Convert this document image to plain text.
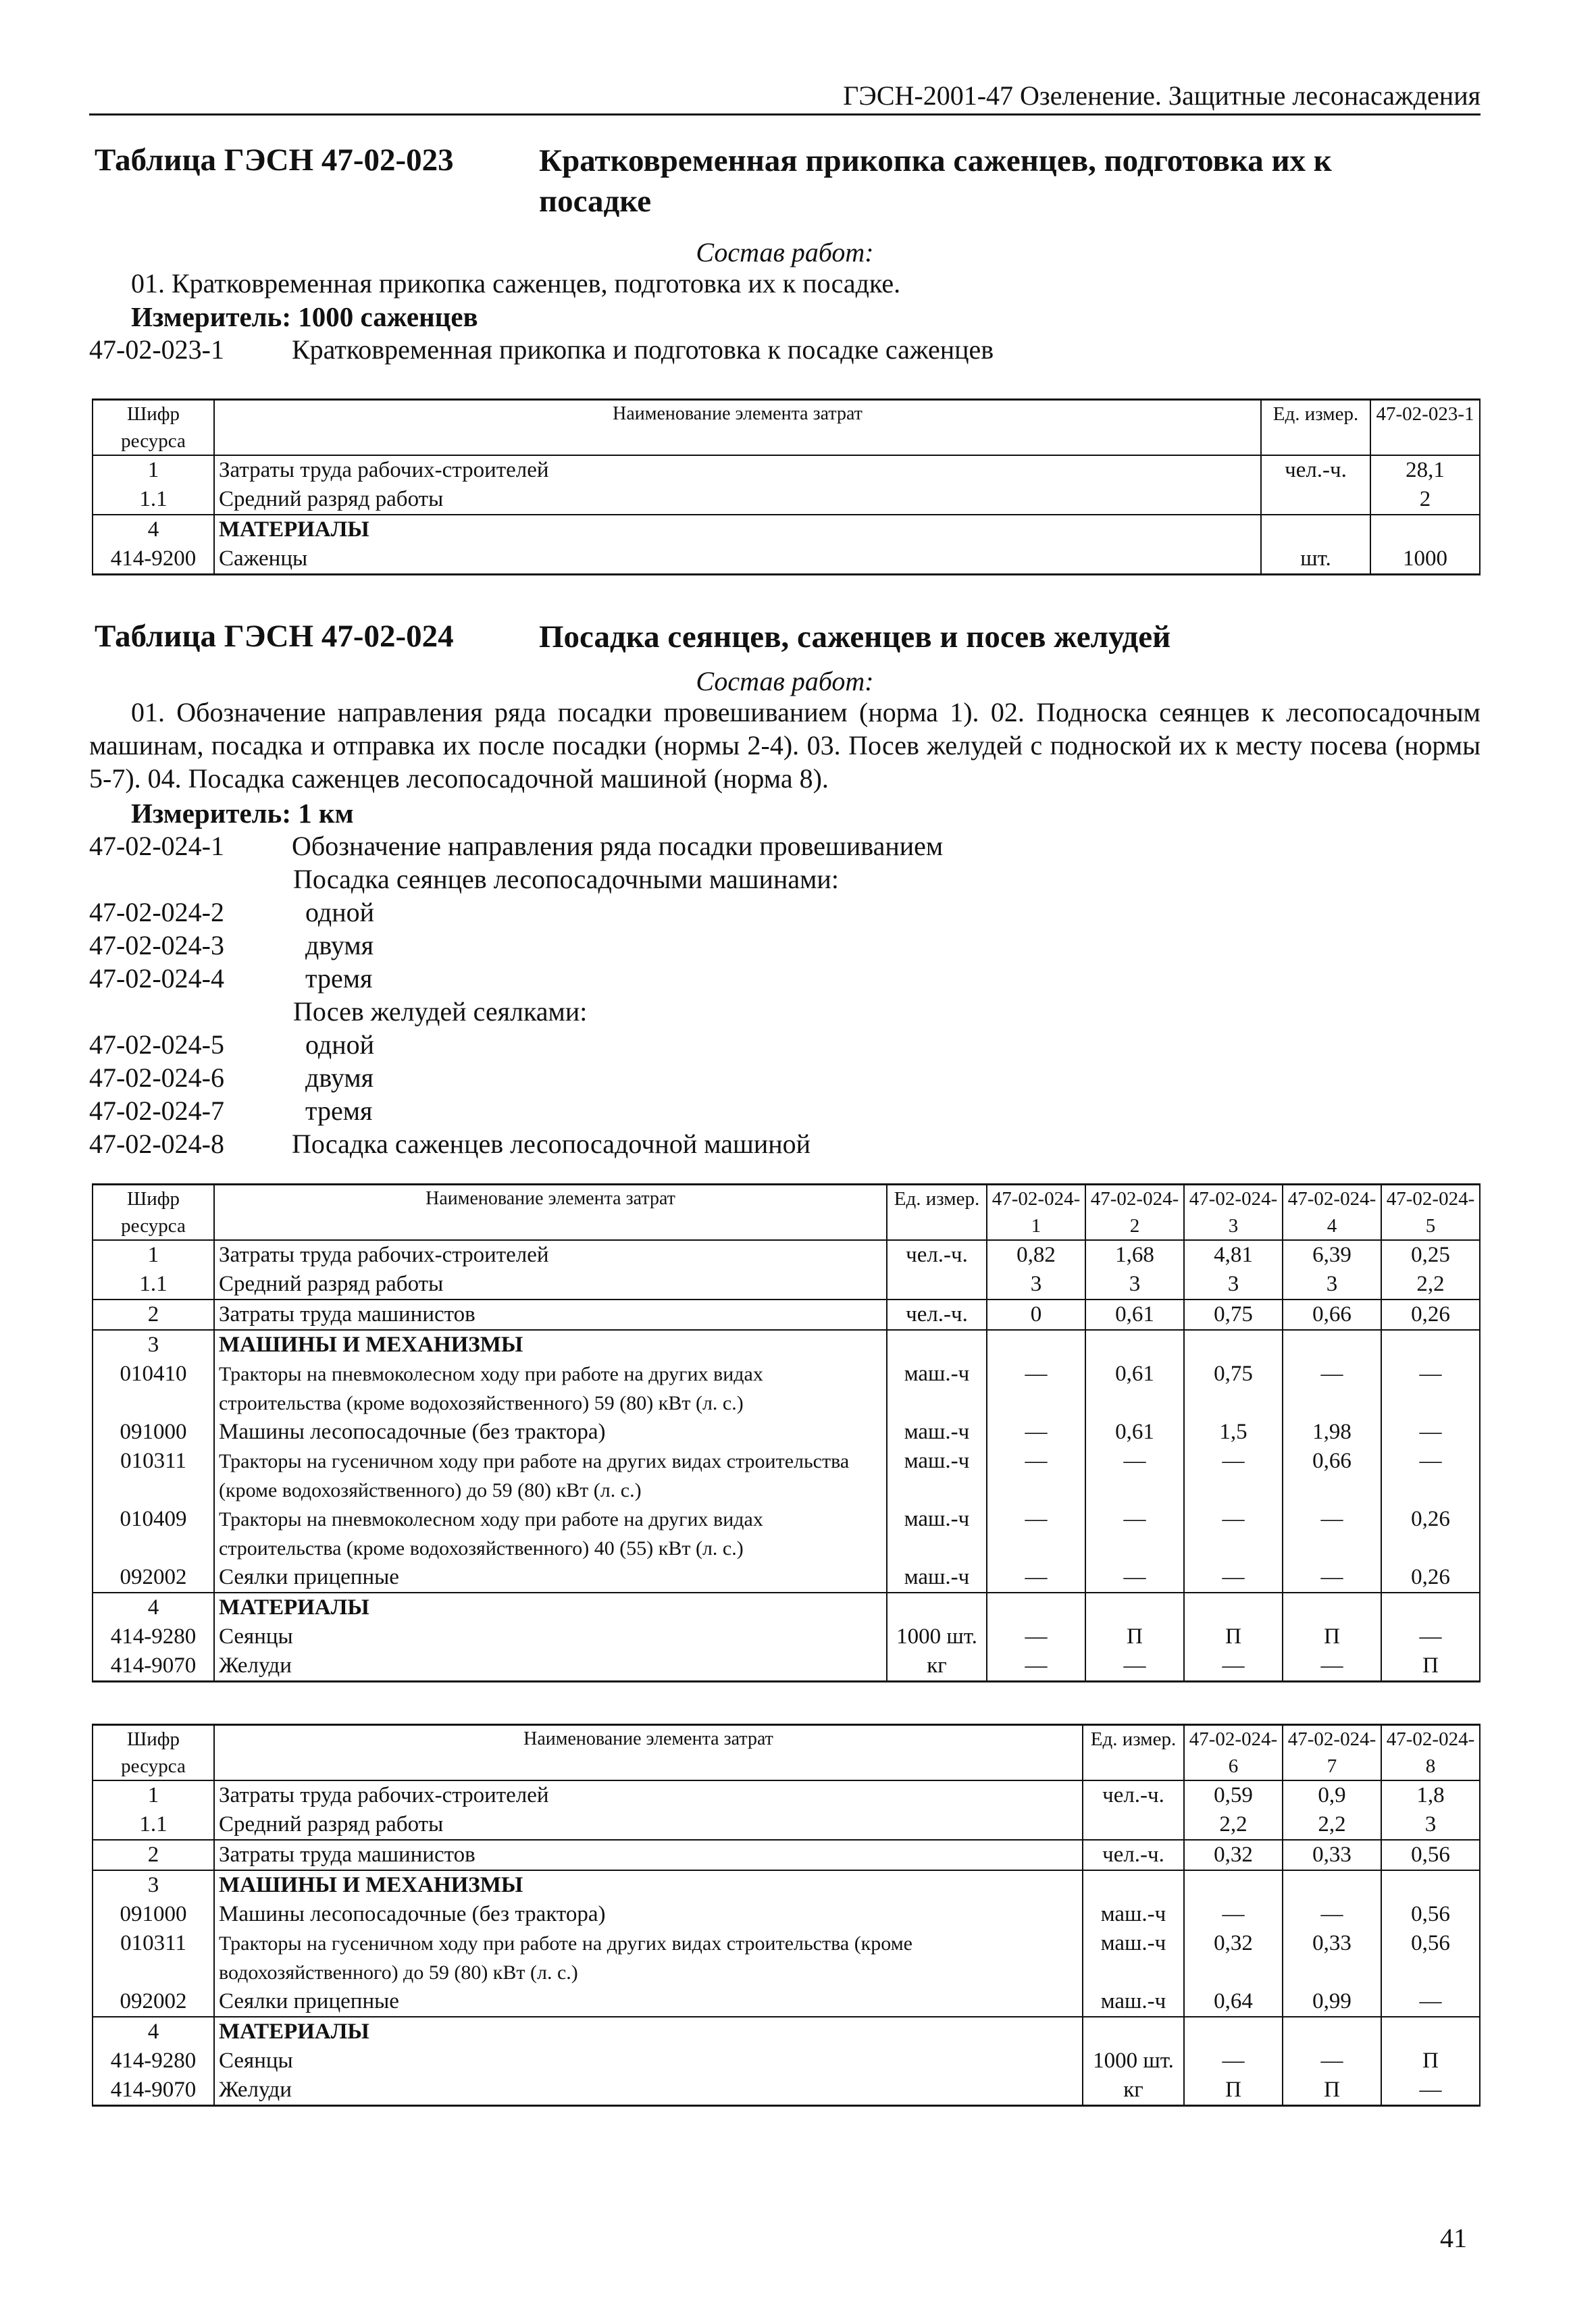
ГЭСН-2001-47 Озеленение. Защитные лесонасаждения
Таблица ГЭСН 47-02-023	Кратковременная прикопка саженцев, подготовка их к посадке
Состав работ:
01. Кратковременная прикопка саженцев, подготовка их к посадке.
Измеритель: 1000 саженцев
47-02-023-1	Кратковременная прикопка и подготовка к посадке саженцев
Шифр ресурса	Наименование элемента затрат	Ед. измер.	47-02-023-1
1	Затраты труда рабочих-строителей	чел.-ч.	28,1
1.1	Средний разряд работы		2
4	МАТЕРИАЛЫ		
414-9200	Саженцы	шт.	1000
Таблица ГЭСН 47-02-024	Посадка сеянцев, саженцев и посев желудей
Состав работ:
01. Обозначение направления ряда посадки провешиванием (норма 1). 02. Подноска сеянцев к лесопосадочным машинам, посадка и отправка их после посадки (нормы 2-4). 03. Посев желудей с подноской их к месту посева (нормы 5-7). 04. Посадка саженцев лесопосадочной машиной (норма 8).
Измеритель: 1 км
47-02-024-1	Обозначение направления ряда посадки провешиванием
Посадка сеянцев лесопосадочными машинами:
47-02-024-2	одной
47-02-024-3	двумя
47-02-024-4	тремя
Посев желудей сеялками:
47-02-024-5	одной
47-02-024-6	двумя
47-02-024-7	тремя
47-02-024-8	Посадка саженцев лесопосадочной машиной
Шифр ресурса	Наименование элемента затрат	Ед. измер.	47-02-024-1	47-02-024-2	47-02-024-3	47-02-024-4	47-02-024-5
1	Затраты труда рабочих-строителей	чел.-ч.	0,82	1,68	4,81	6,39	0,25
1.1	Средний разряд работы		3	3	3	3	2,2
2	Затраты труда машинистов	чел.-ч.	0	0,61	0,75	0,66	0,26
3	МАШИНЫ И МЕХАНИЗМЫ						
010410	Тракторы на пневмоколесном ходу при работе на других видах строительства (кроме водохозяйственного) 59 (80) кВт (л. с.)	маш.-ч	—	0,61	0,75	—	—
091000	Машины лесопосадочные (без трактора)	маш.-ч	—	0,61	1,5	1,98	—
010311	Тракторы на гусеничном ходу при работе на других видах строительства (кроме водохозяйственного) до 59 (80) кВт (л. с.)	маш.-ч	—	—	—	0,66	—
010409	Тракторы на пневмоколесном ходу при работе на других видах строительства (кроме водохозяйственного) 40 (55) кВт (л. с.)	маш.-ч	—	—	—	—	0,26
092002	Сеялки прицепные	маш.-ч	—	—	—	—	0,26
4	МАТЕРИАЛЫ						
414-9280	Сеянцы	1000 шт.	—	П	П	П	—
414-9070	Желуди	кг	—	—	—	—	П
Шифр ресурса	Наименование элемента затрат	Ед. измер.	47-02-024-6	47-02-024-7	47-02-024-8
1	Затраты труда рабочих-строителей	чел.-ч.	0,59	0,9	1,8
1.1	Средний разряд работы		2,2	2,2	3
2	Затраты труда машинистов	чел.-ч.	0,32	0,33	0,56
3	МАШИНЫ И МЕХАНИЗМЫ				
091000	Машины лесопосадочные (без трактора)	маш.-ч	—	—	0,56
010311	Тракторы на гусеничном ходу при работе на других видах строительства (кроме водохозяйственного) до 59 (80) кВт (л. с.)	маш.-ч	0,32	0,33	0,56
092002	Сеялки прицепные	маш.-ч	0,64	0,99	—
4	МАТЕРИАЛЫ				
414-9280	Сеянцы	1000 шт.	—	—	П
414-9070	Желуди	кг	П	П	—
41
